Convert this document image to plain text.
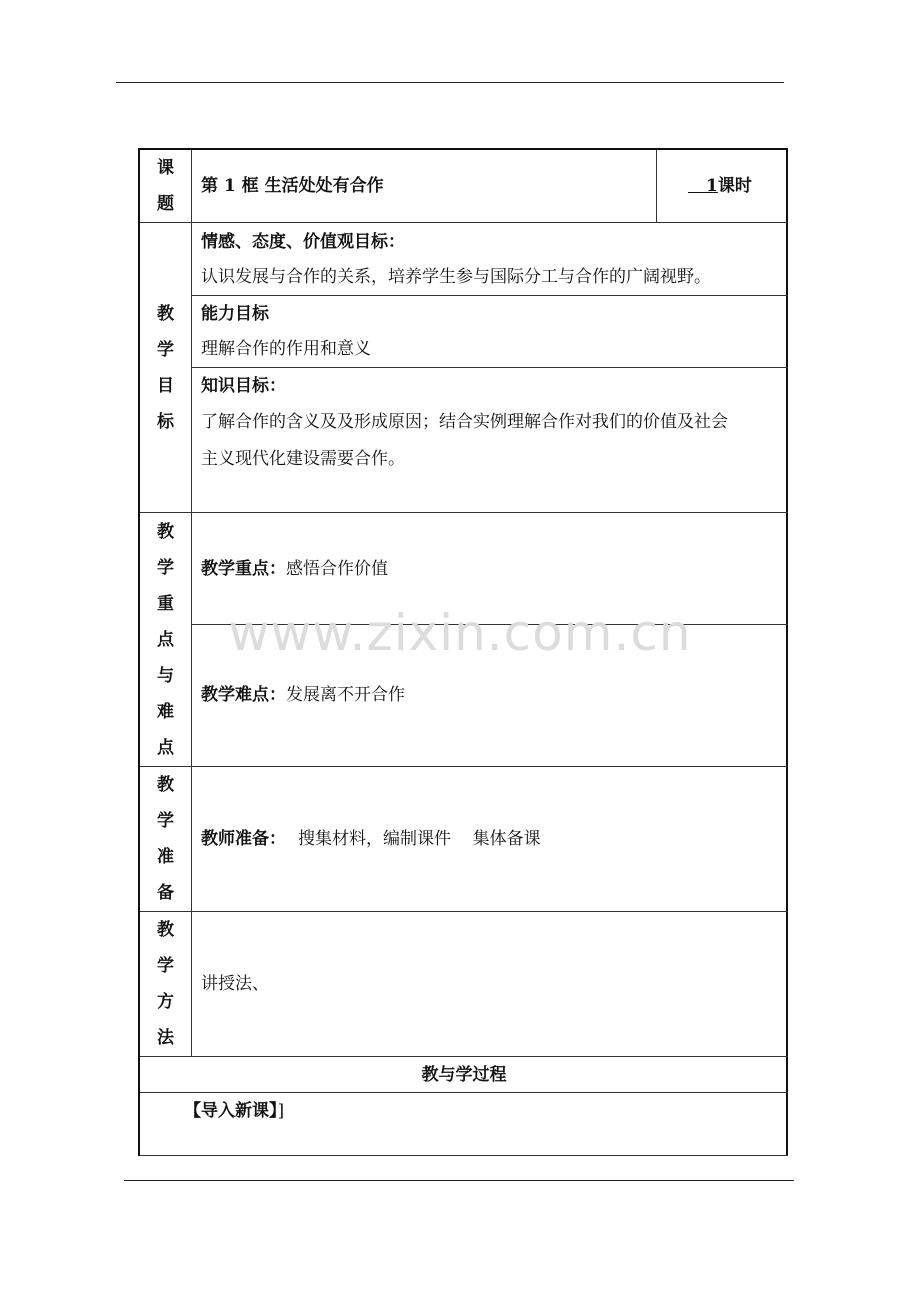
课
题
第 1 框 生活处处有合作	1课时
教
学
目
标
情感、态度、价值观目标：
认识发展与合作的关系，培养学生参与国际分工与合作的广阔视野。
能力目标
理解合作的作用和意义
知识目标：
了解合作的含义及及形成原因；结合实例理解合作对我们的价值及社会
主义现代化建设需要合作。
教
学
重
点
与
难
点
教学重点：感悟合作价值
教学难点：发展离不开合作
教
学
准
备
教师准备： 搜集材料，编制课件    集体备课
教
学
方
法
讲授法、
教与学过程
【导入新课】]
www.zixin.com.cn
